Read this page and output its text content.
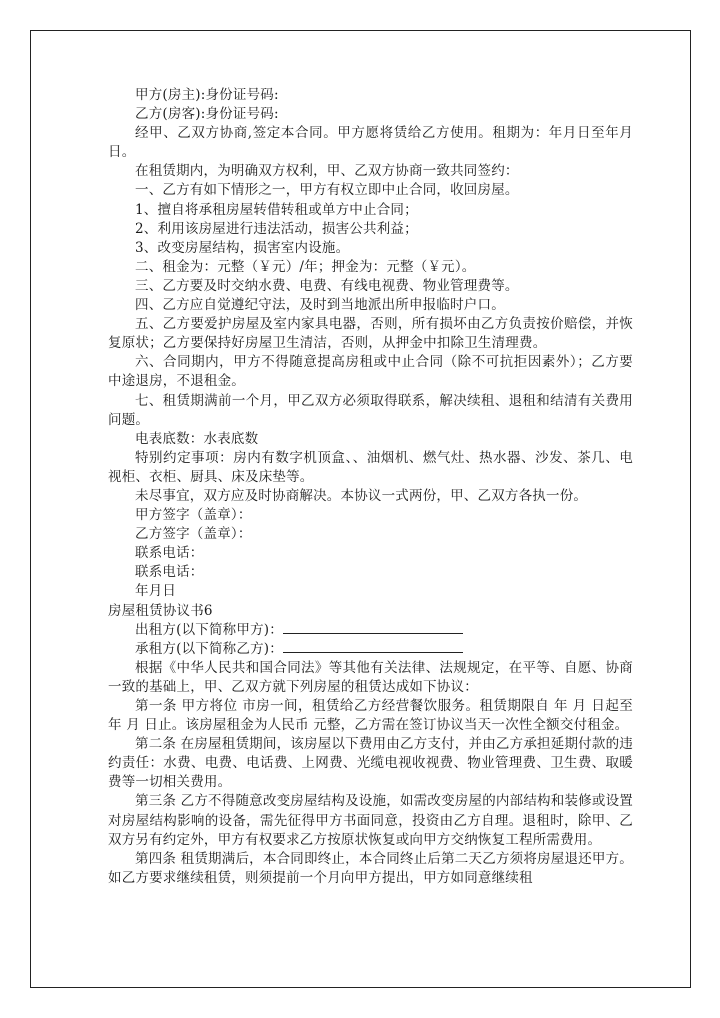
甲方(房主):身份证号码:

乙方(房客):身份证号码:

经甲、乙双方协商,签定本合同。甲方愿将赁给乙方使用。租期为：年月日至年月日。

在租赁期内，为明确双方权利，甲、乙双方协商一致共同签约：

一、乙方有如下情形之一，甲方有权立即中止合同，收回房屋。

1、擅自将承租房屋转借转租或单方中止合同；

2、利用该房屋进行违法活动，损害公共利益；

3、改变房屋结构，损害室内设施。

二、租金为：元整（￥元）/年；押金为：元整（￥元）。

三、乙方要及时交纳水费、电费、有线电视费、物业管理费等。

四、乙方应自觉遵纪守法，及时到当地派出所申报临时户口。

五、乙方要爱护房屋及室内家具电器，否则，所有损坏由乙方负责按价赔偿，并恢复原状；乙方要保持好房屋卫生清洁，否则，从押金中扣除卫生清理费。

六、合同期内，甲方不得随意提高房租或中止合同（除不可抗拒因素外）；乙方要中途退房，不退租金。

七、租赁期满前一个月，甲乙双方必须取得联系，解决续租、退租和结清有关费用问题。

电表底数：水表底数

特别约定事项：房内有数字机顶盒、、油烟机、燃气灶、热水器、沙发、茶几、电视柜、衣柜、厨具、床及床垫等。

未尽事宜，双方应及时协商解决。本协议一式两份，甲、乙双方各执一份。

甲方签字（盖章）：

乙方签字（盖章）：

联系电话：

联系电话：

年月日

房屋租赁协议书6

出租方(以下简称甲方)：

承租方(以下简称乙方)：

根据《中华人民共和国合同法》等其他有关法律、法规规定，在平等、自愿、协商一致的基础上，甲、乙双方就下列房屋的租赁达成如下协议：

第一条 甲方将位 市房一间，租赁给乙方经营餐饮服务。租赁期限自 年 月 日起至 年 月 日止。该房屋租金为人民币 元整，乙方需在签订协议当天一次性全额交付租金。

第二条 在房屋租赁期间，该房屋以下费用由乙方支付，并由乙方承担延期付款的违约责任：水费、电费、电话费、上网费、光缆电视收视费、物业管理费、卫生费、取暖费等一切相关费用。

第三条 乙方不得随意改变房屋结构及设施，如需改变房屋的内部结构和装修或设置对房屋结构影响的设备，需先征得甲方书面同意，投资由乙方自理。退租时，除甲、乙双方另有约定外，甲方有权要求乙方按原状恢复或向甲方交纳恢复工程所需费用。

第四条 租赁期满后，本合同即终止，本合同终止后第二天乙方须将房屋退还甲方。如乙方要求继续租赁，则须提前一个月向甲方提出，甲方如同意继续租
